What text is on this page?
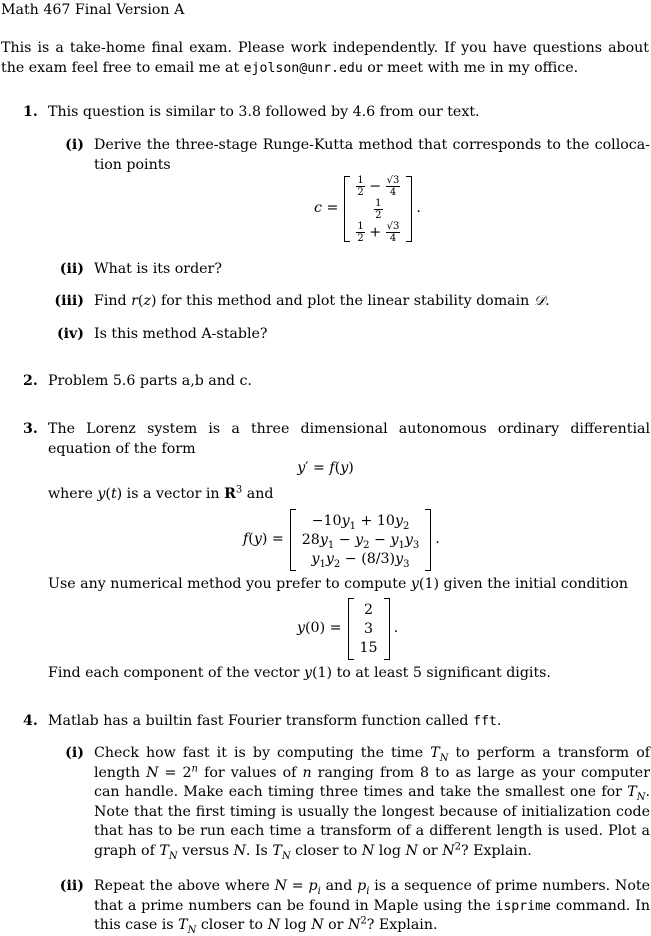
Math 467 Final Version A
This is a take-home final exam. Please work independently. If you have questions about the exam feel free to email me at ejolson@unr.edu or meet with me in my office.
1. This question is similar to 3.8 followed by 4.6 from our text.
(i) Derive the three-stage Runge-Kutta method that corresponds to the colloca-tion points
c =
$\frac{1}{2} - \frac{√3}{4}$
$\frac{1}{2}$
$\frac{1}{2} + \frac{√3}{4}$
.
(ii) What is its order?
(iii) Find r(z) for this method and plot the linear stability domain 𝒟.
(iv) Is this method A-stable?
2. Problem 5.6 parts a,b and c.
3. The Lorenz system is a three dimensional autonomous ordinary differential equation of the form
y′ = f(y)
where y(t) is a vector in $R^3$ and
f(y) =
$-10y_1 + 10y_2$
$28y_1 - y_2 - y_1y_3$
$y_1y_2 - (8/3)y_3$
.
Use any numerical method you prefer to compute y(1) given the initial condition
y(0) =
2
3
15
.
Find each component of the vector y(1) to at least 5 significant digits.
4. Matlab has a builtin fast Fourier transform function called fft.
(i) Check how fast it is by computing the time $T_N$ to perform a transform of length $N = 2^n$ for values of n ranging from 8 to as large as your computer can handle. Make each timing three times and take the smallest one for $T_N$. Note that the first timing is usually the longest because of initialization code that has to be run each time a transform of a different length is used. Plot a graph of $T_N$ versus N. Is $T_N$ closer to N log N or $N^2$? Explain.
(ii) Repeat the above where $N = p_i$ and $p_i$ is a sequence of prime numbers. Note that a prime numbers can be found in Maple using the isprime command. In this case is $T_N$ closer to N log N or $N^2$? Explain.
